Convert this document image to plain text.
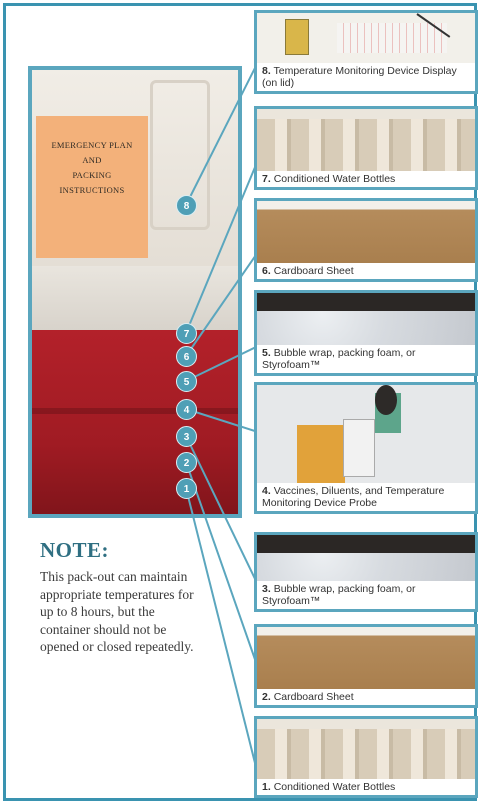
EMERGENCY PLAN
AND
PACKING
INSTRUCTIONS
8
7
6
5
4
3
2
1
NOTE:
This pack-out can maintain appropriate temperatures for up to 8 hours, but the container should not be opened or closed repeatedly.
8. Temperature Monitoring Device Display (on lid)
7. Conditioned Water Bottles
6. Cardboard Sheet
5. Bubble wrap, packing foam, or Styrofoam™
4. Vaccines, Diluents, and Temperature Monitoring Device Probe
3. Bubble wrap, packing foam, or Styrofoam™
2. Cardboard Sheet
1. Conditioned Water Bottles
